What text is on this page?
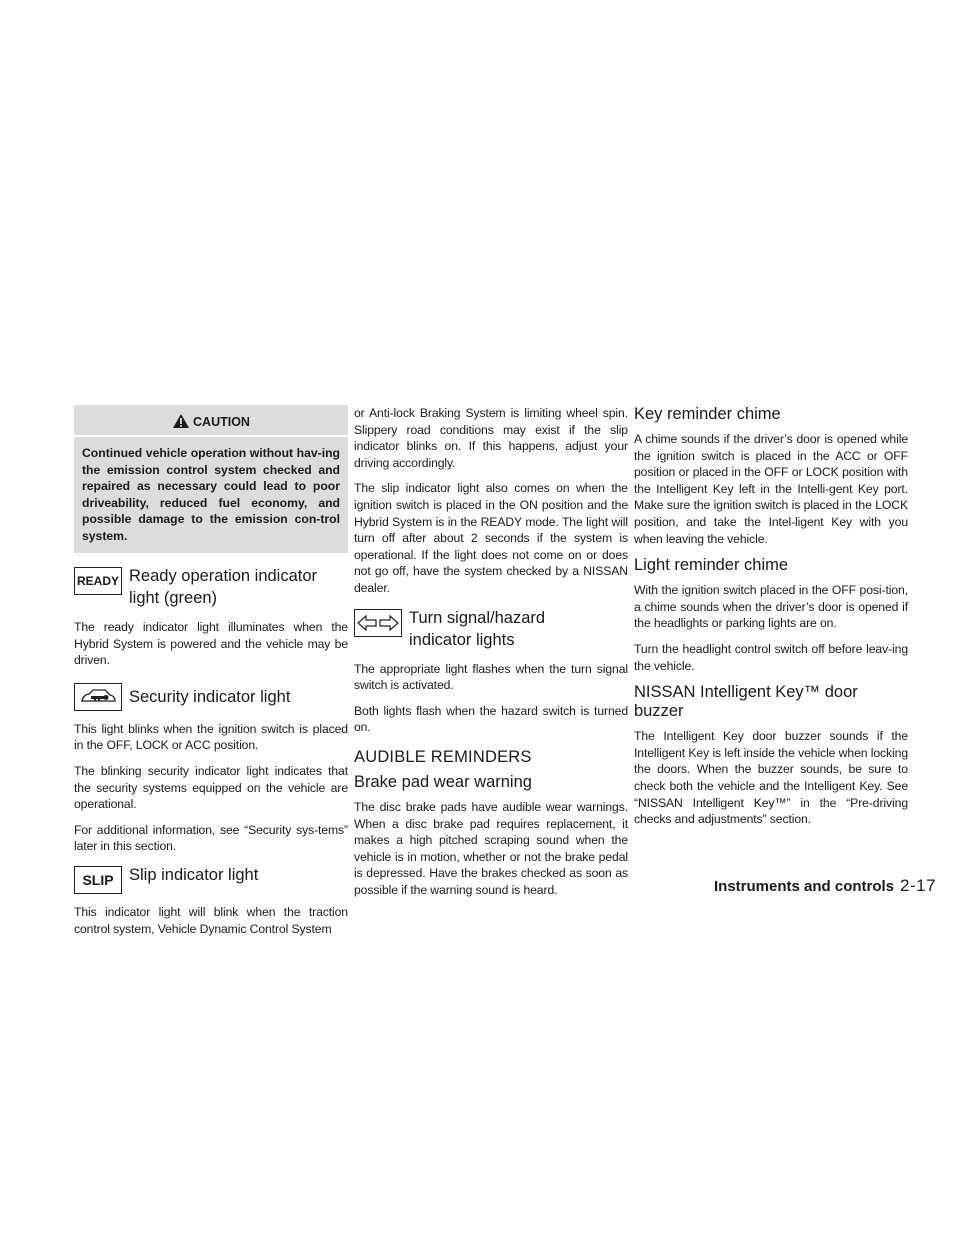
CAUTION
Continued vehicle operation without hav-ing the emission control system checked and repaired as necessary could lead to poor driveability, reduced fuel economy, and possible damage to the emission con-trol system.
READY Ready operation indicator light (green)

The ready indicator light illuminates when the Hybrid System is powered and the vehicle may be driven.

Security indicator light

This light blinks when the ignition switch is placed in the OFF, LOCK or ACC position.

The blinking security indicator light indicates that the security systems equipped on the vehicle are operational.

For additional information, see “Security sys-tems” later in this section.

SLIP Slip indicator light

This indicator light will blink when the traction control system, Vehicle Dynamic Control System

or Anti-lock Braking System is limiting wheel spin. Slippery road conditions may exist if the slip indicator blinks on. If this happens, adjust your driving accordingly.

The slip indicator light also comes on when the ignition switch is placed in the ON position and the Hybrid System is in the READY mode. The light will turn off after about 2 seconds if the system is operational. If the light does not come on or does not go off, have the system checked by a NISSAN dealer.

Turn signal/hazard indicator lights

The appropriate light flashes when the turn signal switch is activated.

Both lights flash when the hazard switch is turned on.

AUDIBLE REMINDERS
Brake pad wear warning

The disc brake pads have audible wear warnings. When a disc brake pad requires replacement, it makes a high pitched scraping sound when the vehicle is in motion, whether or not the brake pedal is depressed. Have the brakes checked as soon as possible if the warning sound is heard.

Key reminder chime

A chime sounds if the driver’s door is opened while the ignition switch is placed in the ACC or OFF position or placed in the OFF or LOCK position with the Intelligent Key left in the Intelli-gent Key port. Make sure the ignition switch is placed in the LOCK position, and take the Intel-ligent Key with you when leaving the vehicle.

Light reminder chime

With the ignition switch placed in the OFF posi-tion, a chime sounds when the driver’s door is opened if the headlights or parking lights are on.

Turn the headlight control switch off before leav-ing the vehicle.

NISSAN Intelligent Key™ door buzzer

The Intelligent Key door buzzer sounds if the Intelligent Key is left inside the vehicle when locking the doors. When the buzzer sounds, be sure to check both the vehicle and the Intelligent Key. See “NISSAN Intelligent Key™” in the “Pre-driving checks and adjustments” section.

Instruments and controls 2-17
